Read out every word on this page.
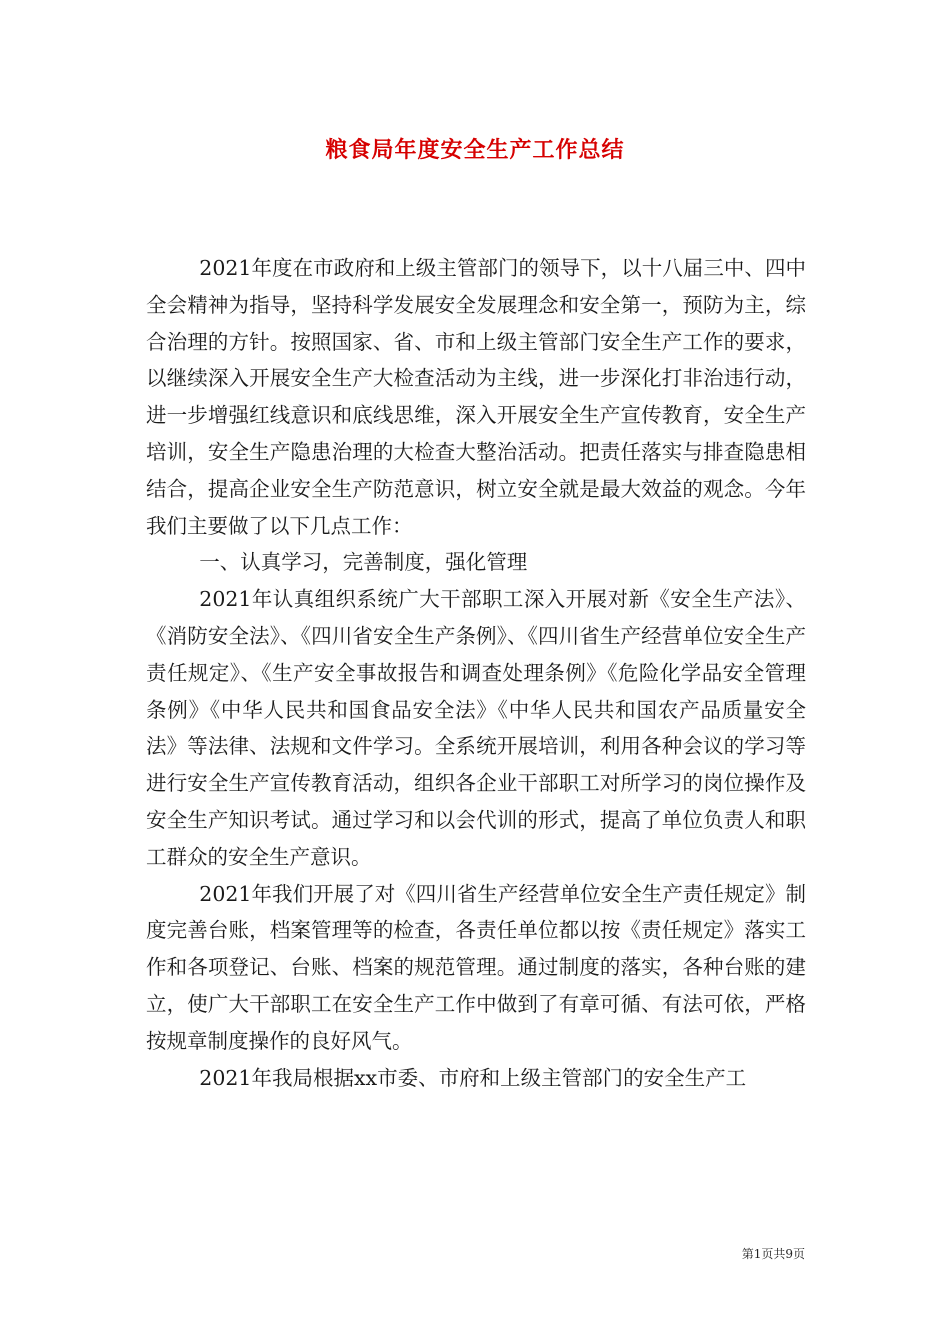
粮食局年度安全生产工作总结

2021年度在市政府和上级主管部门的领导下，以十八届三中、四中全会精神为指导，坚持科学发展安全发展理念和安全第一，预防为主，综合治理的方针。按照国家、省、市和上级主管部门安全生产工作的要求，以继续深入开展安全生产大检查活动为主线，进一步深化打非治违行动，进一步增强红线意识和底线思维，深入开展安全生产宣传教育，安全生产培训，安全生产隐患治理的大检查大整治活动。把责任落实与排查隐患相结合，提高企业安全生产防范意识，树立安全就是最大效益的观念。今年我们主要做了以下几点工作：

一、认真学习，完善制度，强化管理

2021年认真组织系统广大干部职工深入开展对新《安全生产法》、《消防安全法》、《四川省安全生产条例》、《四川省生产经营单位安全生产责任规定》、《生产安全事故报告和调查处理条例》《危险化学品安全管理条例》《中华人民共和国食品安全法》《中华人民共和国农产品质量安全法》等法律、法规和文件学习。全系统开展培训，利用各种会议的学习等进行安全生产宣传教育活动，组织各企业干部职工对所学习的岗位操作及安全生产知识考试。通过学习和以会代训的形式，提高了单位负责人和职工群众的安全生产意识。

2021年我们开展了对《四川省生产经营单位安全生产责任规定》制度完善台账，档案管理等的检查，各责任单位都以按《责任规定》落实工作和各项登记、台账、档案的规范管理。通过制度的落实，各种台账的建立，使广大干部职工在安全生产工作中做到了有章可循、有法可依，严格按规章制度操作的良好风气。

2021年我局根据xx市委、市府和上级主管部门的安全生产工

第1页共9页
